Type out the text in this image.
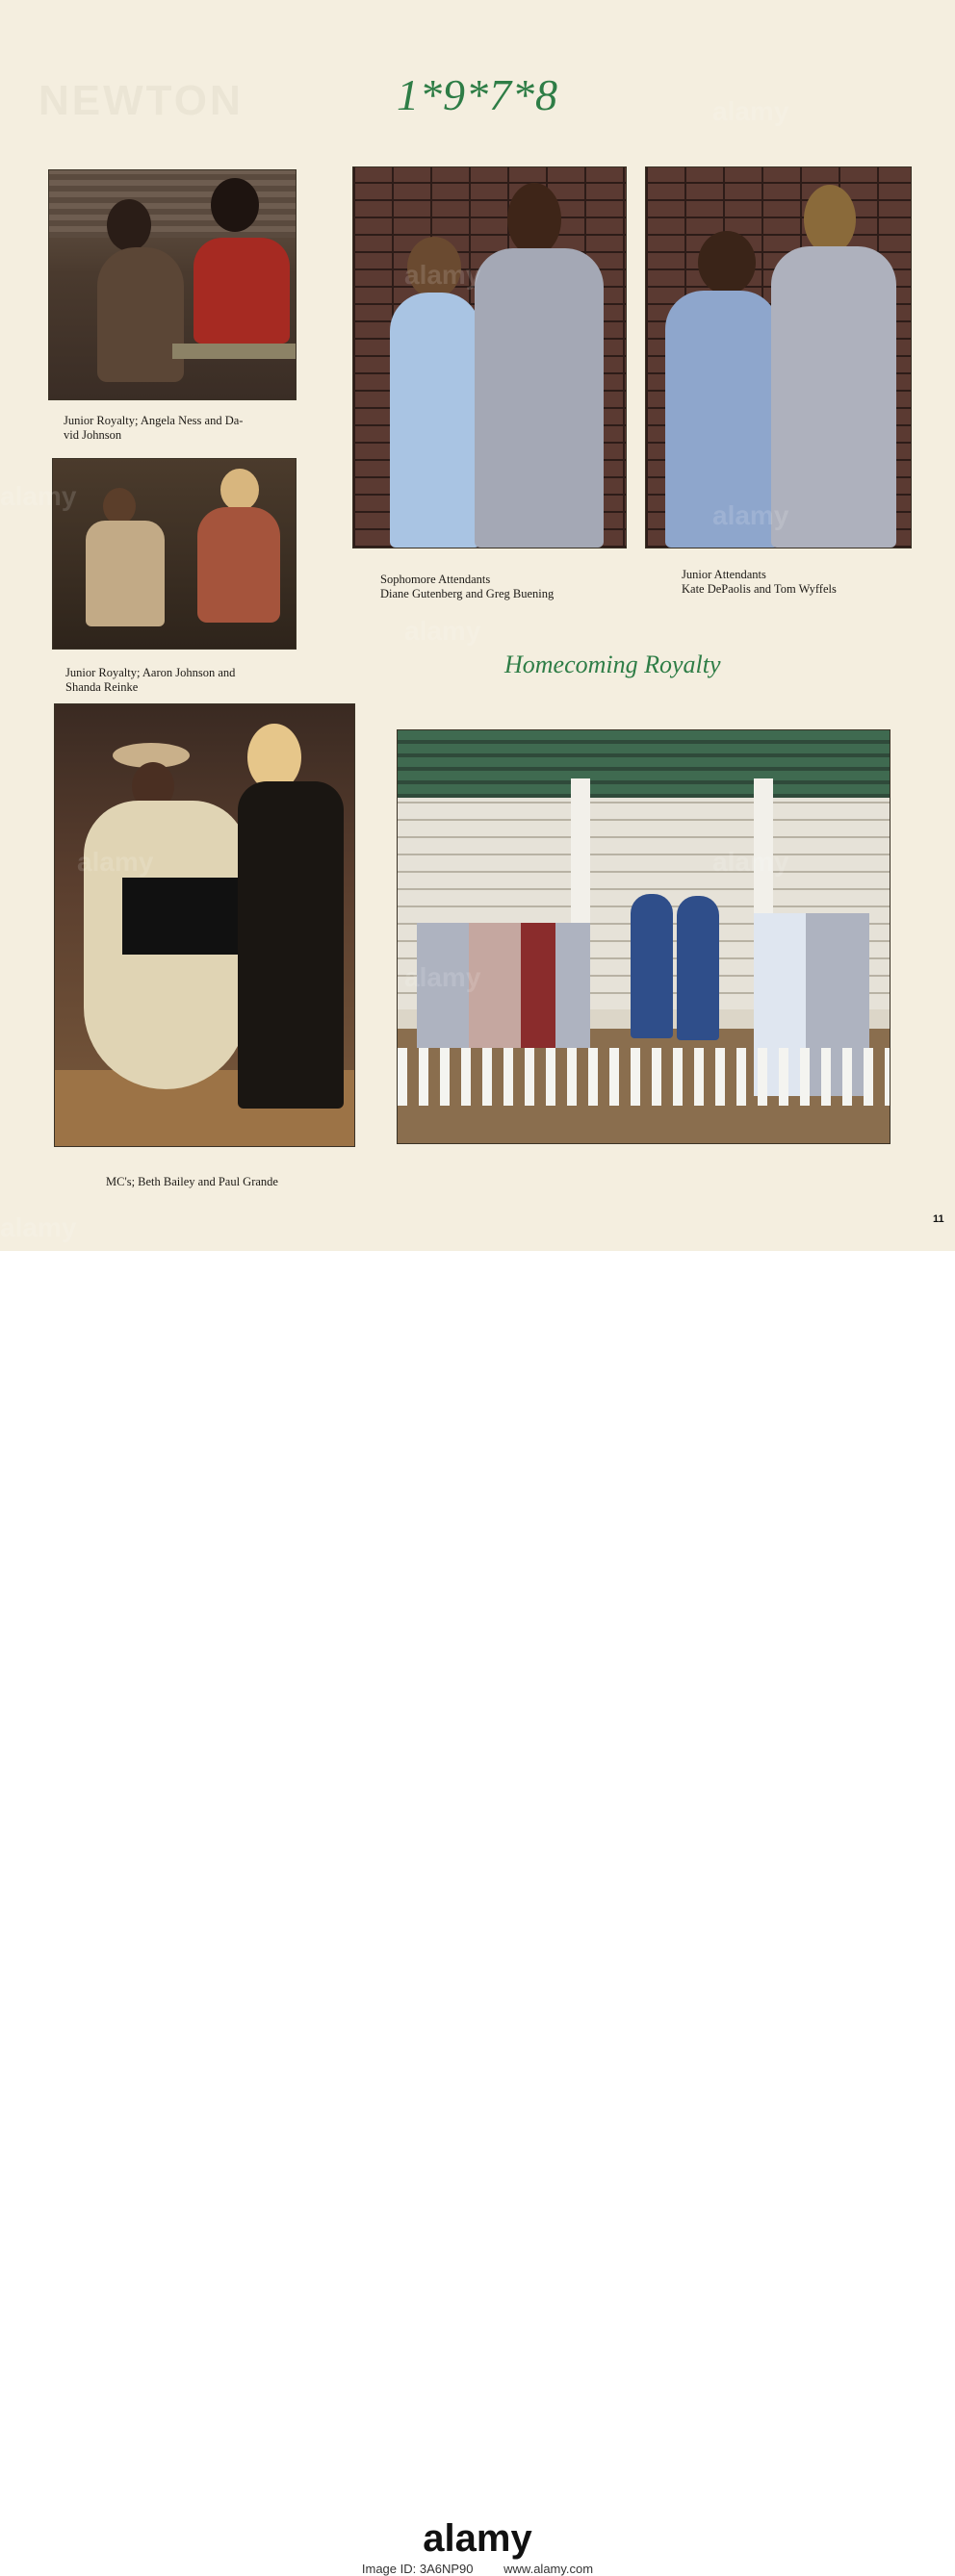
NEWTON	1*9*7*8
Junior Royalty; Angela Ness and Da-
vid Johnson
Junior Royalty; Aaron Johnson and
Shanda Reinke
MC's; Beth Bailey and Paul Grande
Sophomore Attendants
Diane Gutenberg and Greg Buening
Junior Attendants
Kate DePaolis and Tom Wyffels
Homecoming Royalty
11
alamy
alamy
alamy
alamy
alamy
alamy
alamy
alamy
alamy
alamy
Image ID: 3A6NP90 www.alamy.com
